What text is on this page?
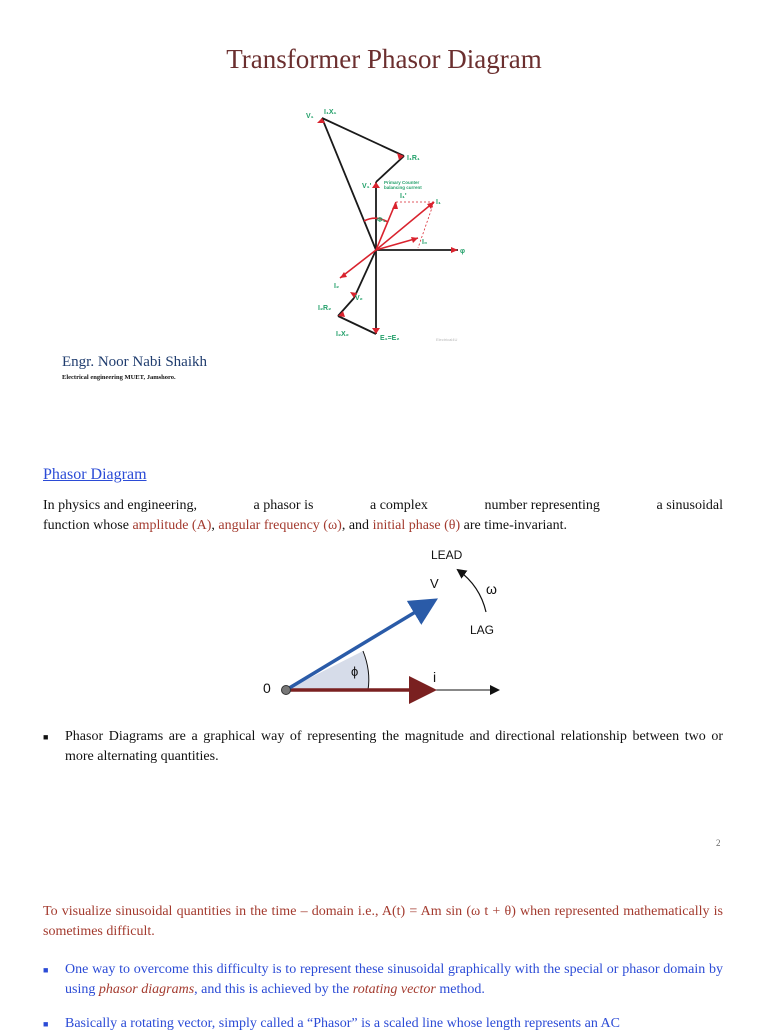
Transformer Phasor Diagram
V₁
I₁X₁
I₁R₁
V₁'
I₁'
I₁
Φ₁
I₀
φ
I₂
V₂
I₂R₂
I₂X₂
E₁=E₂
Primary Counter
balancing current
Electrical4U
Engr. Noor Nabi Shaikh
Electrical engineering MUET, Jamshoro.
Phasor Diagram
In physics and engineering,	a phasor is	a complex	number representing	a sinusoidal
function whose amplitude (A), angular frequency (ω), and initial phase (θ) are time-invariant.
LEAD
LAG
V	ω
ϕ	i
0
■ Phasor Diagrams are a graphical way of representing the magnitude and directional relationship between two or more alternating quantities.
2
To visualize sinusoidal quantities in the time – domain i.e., A(t) = Am sin (ω t + θ) when represented mathematically is sometimes difficult.
■ One way to overcome this difficulty is to represent these sinusoidal graphically with the special or phasor domain by using phasor diagrams, and this is achieved by the rotating vector method.
■ Basically a rotating vector, simply called a “Phasor” is a scaled line whose length represents an AC
